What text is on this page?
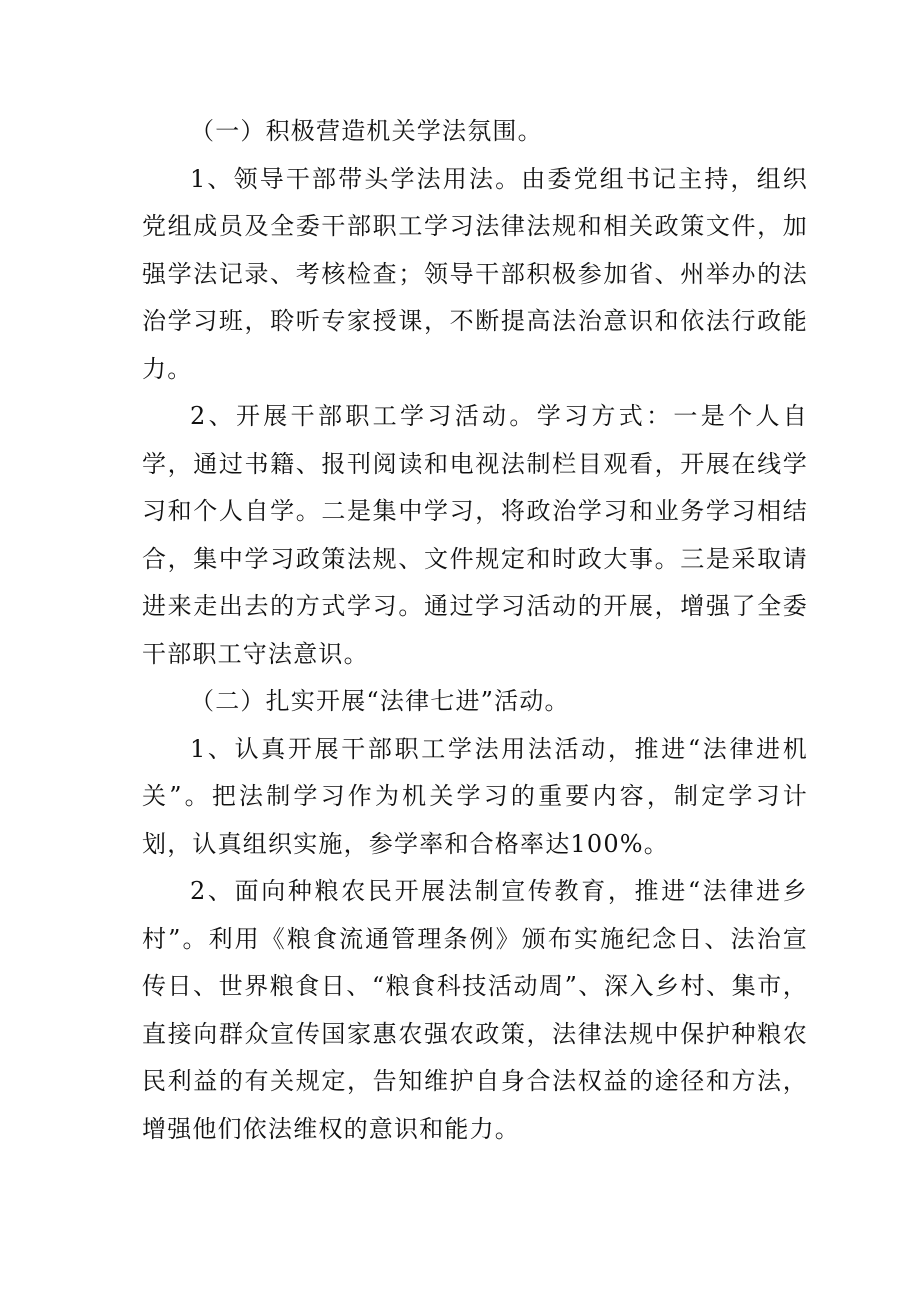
（一）积极营造机关学法氛围。

1、领导干部带头学法用法。由委党组书记主持，组织党组成员及全委干部职工学习法律法规和相关政策文件，加强学法记录、考核检查；领导干部积极参加省、州举办的法治学习班，聆听专家授课，不断提高法治意识和依法行政能力。

2、开展干部职工学习活动。学习方式：一是个人自学，通过书籍、报刊阅读和电视法制栏目观看，开展在线学习和个人自学。二是集中学习，将政治学习和业务学习相结合，集中学习政策法规、文件规定和时政大事。三是采取请进来走出去的方式学习。通过学习活动的开展，增强了全委干部职工守法意识。

（二）扎实开展“法律七进”活动。

1、认真开展干部职工学法用法活动，推进“法律进机关”。把法制学习作为机关学习的重要内容，制定学习计划，认真组织实施，参学率和合格率达100%。

2、面向种粮农民开展法制宣传教育，推进“法律进乡村”。利用《粮食流通管理条例》颁布实施纪念日、法治宣传日、世界粮食日、“粮食科技活动周”、深入乡村、集市，直接向群众宣传国家惠农强农政策，法律法规中保护种粮农民利益的有关规定，告知维护自身合法权益的途径和方法，增强他们依法维权的意识和能力。
